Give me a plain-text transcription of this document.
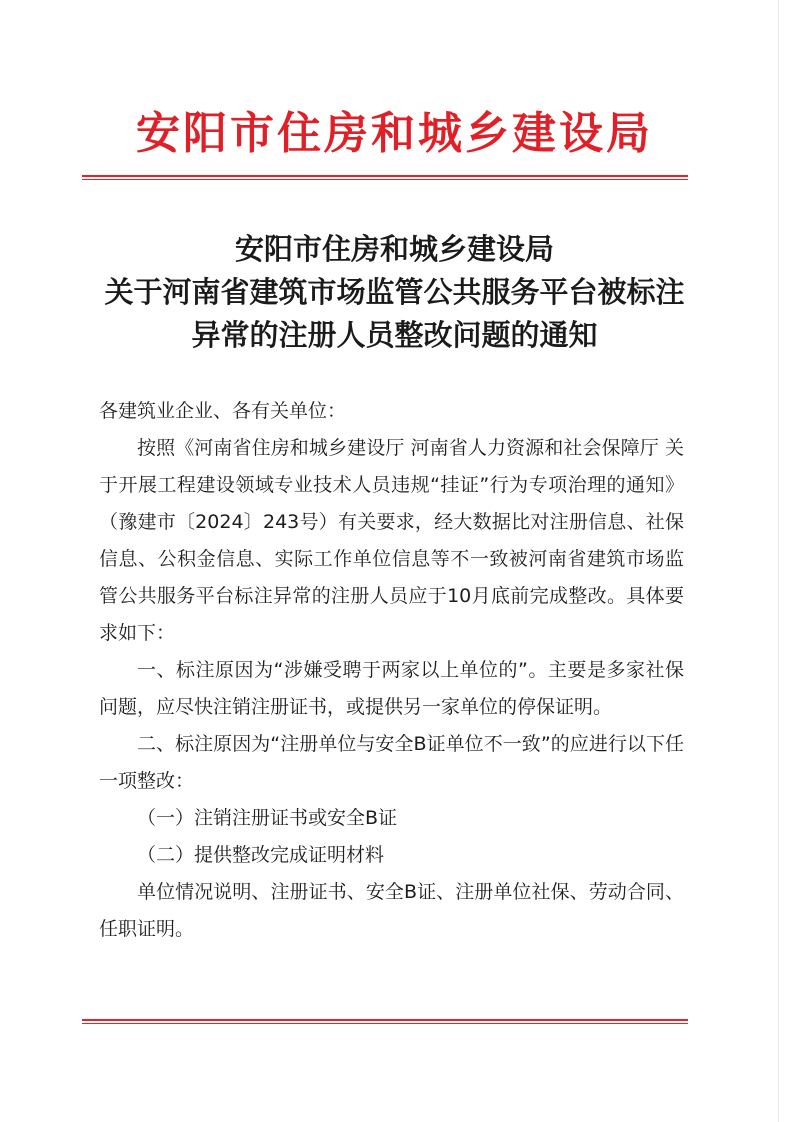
安阳市住房和城乡建设局
安阳市住房和城乡建设局
关于河南省建筑市场监管公共服务平台被标注
异常的注册人员整改问题的通知

各建筑业企业、各有关单位：

按照《河南省住房和城乡建设厅 河南省人力资源和社会保障厅 关于开展工程建设领域专业技术人员违规“挂证”行为专项治理的通知》（豫建市〔2024〕243号）有关要求，经大数据比对注册信息、社保信息、公积金信息、实际工作单位信息等不一致被河南省建筑市场监管公共服务平台标注异常的注册人员应于10月底前完成整改。具体要求如下：

一、标注原因为“涉嫌受聘于两家以上单位的”。主要是多家社保问题，应尽快注销注册证书，或提供另一家单位的停保证明。

二、标注原因为“注册单位与安全B证单位不一致”的应进行以下任一项整改：

（一）注销注册证书或安全B证

（二）提供整改完成证明材料

单位情况说明、注册证书、安全B证、注册单位社保、劳动合同、任职证明。
